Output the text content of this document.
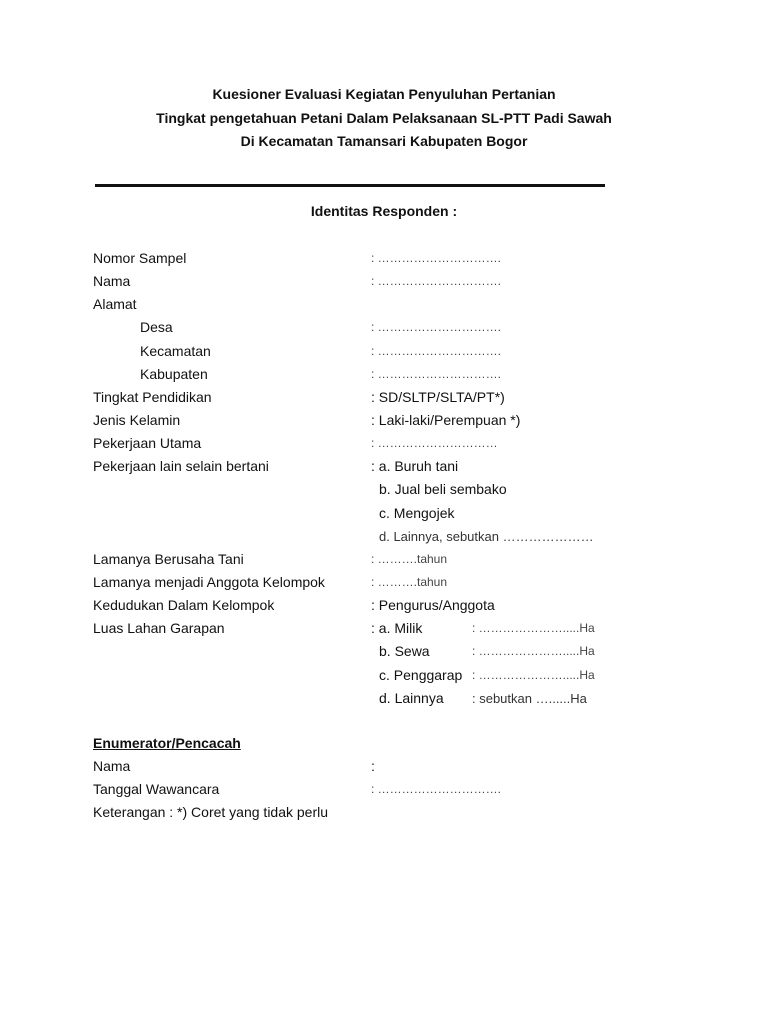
Kuesioner Evaluasi Kegiatan Penyuluhan Pertanian
Tingkat pengetahuan Petani Dalam Pelaksanaan SL-PTT Padi Sawah
Di Kecamatan Tamansari Kabupaten Bogor
Identitas Responden :
Nomor Sampel	: ………………………….
Nama	: ………………………….
Alamat
Desa	: ………………………….
Kecamatan	: ………………………….
Kabupaten	: ………………………….
Tingkat Pendidikan	: SD/SLTP/SLTA/PT*)
Jenis Kelamin	: Laki-laki/Perempuan *)
Pekerjaan Utama	: …………………………
Pekerjaan lain selain bertani	: a. Buruh tani
b. Jual beli sembako
c. Mengojek
d. Lainnya, sebutkan …………………
Lamanya Berusaha Tani	: ……….tahun
Lamanya menjadi Anggota Kelompok	: ……….tahun
Kedudukan Dalam Kelompok	: Pengurus/Anggota
Luas Lahan Garapan	: a. Milik	: ………………….....Ha
b. Sewa	: ………………….....Ha
c. Penggarap : ………………….....Ha
d. Lainnya : sebutkan …......Ha
Enumerator/Pencacah
Nama	:
Tanggal Wawancara	: ………………………….
Keterangan : *) Coret yang tidak perlu
